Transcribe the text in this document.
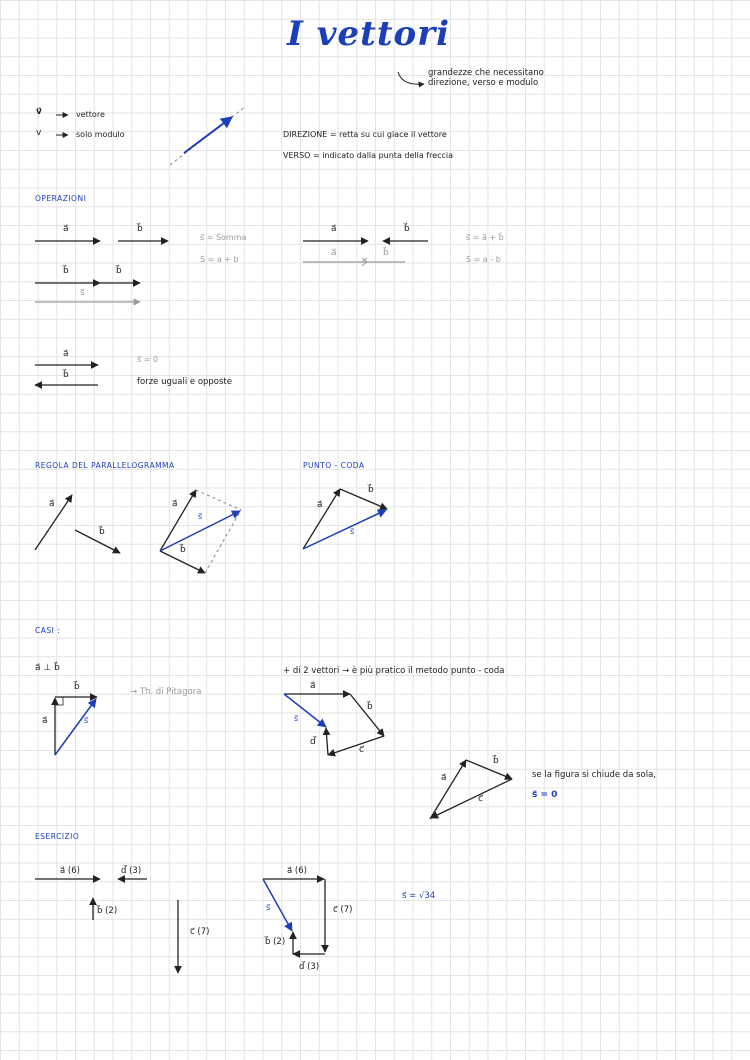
I vettori
grandezze che necessitano direzione, verso e modulo
v⃗	vettore
v	solo modulo	DIREZIONE = retta su cui giace il vettore
VERSO = indicato dalla punta della freccia
OPERAZIONI
a⃗	b⃗
s⃗ = Somma
S = a + b
b⃗	b⃗
s⃗
a⃗	b⃗
a⃗	b⃗
s⃗ = a⃗ + b⃗
S = a - b
a⃗
b⃗
s⃗ = 0
forze uguali e opposte
REGOLA DEL PARALLELOGRAMMA	PUNTO - CODA
a⃗
b⃗
a⃗
s⃗
b⃗
a⃗
b⃗
s⃗
CASI :
a⃗ ⊥ b⃗
→ Th. di Pitagora
b⃗
a⃗	s⃗
+ di 2 vettori → è più pratico il metodo punto - coda
a⃗
b⃗
s⃗
d⃗
c⃗
a⃗
b⃗
c⃗
se la figura si chiude da sola,
s⃗ = 0
ESERCIZIO
a⃗ (6)	d⃗ (3)
b⃗ (2)
c⃗ (7)
a⃗ (6)
c⃗ (7)
s⃗
b⃗ (2)
d⃗ (3)
s⃗ = √34
